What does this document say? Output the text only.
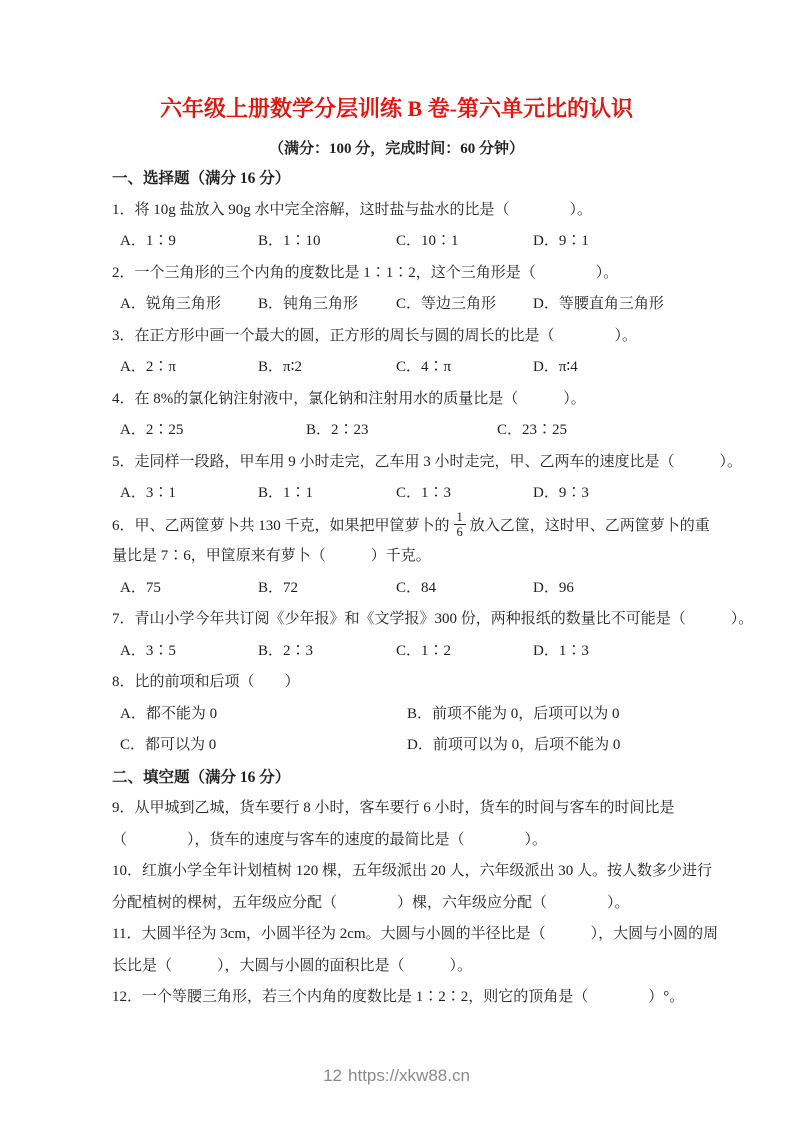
六年级上册数学分层训练 B 卷-第六单元比的认识
（满分：100 分，完成时间：60 分钟）
一、选择题（满分 16 分）
1．将 10g 盐放入 90g 水中完全溶解，这时盐与盐水的比是（　　　　）。
A．1∶9	B．1∶10	C．10∶1	D．9∶1
2．一个三角形的三个内角的度数比是 1∶1∶2，这个三角形是（　　　　）。
A．锐角三角形	B．钝角三角形	C．等边三角形	D．等腰直角三角形
3．在正方形中画一个最大的圆，正方形的周长与圆的周长的比是（　　　　）。
A．2∶π	B．π∶2	C．4∶π	D．π∶4
4．在 8%的氯化钠注射液中，氯化钠和注射用水的质量比是（　　　）。
A．2∶25	B．2∶23	C．23∶25
5．走同样一段路，甲车用 9 小时走完，乙车用 3 小时走完，甲、乙两车的速度比是（　　　）。
A．3∶1	B．1∶1	C．1∶3	D．9∶3
6．甲、乙两筐萝卜共 130 千克，如果把甲筐萝卜的 $\frac{1}{6}$ 放入乙筐，这时甲、乙两筐萝卜的重
量比是 7∶6，甲筐原来有萝卜（　　　）千克。
A．75	B．72	C．84	D．96
7．青山小学今年共订阅《少年报》和《文学报》300 份，两种报纸的数量比不可能是（　　　）。
A．3∶5	B．2∶3	C．1∶2	D．1∶3
8．比的前项和后项（　　）
A．都不能为 0	B．前项不能为 0，后项可以为 0
C．都可以为 0	D．前项可以为 0，后项不能为 0
二、填空题（满分 16 分）
9．从甲城到乙城，货车要行 8 小时，客车要行 6 小时，货车的时间与客车的时间比是
（　　　　），货车的速度与客车的速度的最简比是（　　　　）。
10．红旗小学全年计划植树 120 棵，五年级派出 20 人，六年级派出 30 人。按人数多少进行
分配植树的棵树，五年级应分配（　　　　）棵，六年级应分配（　　　　）。
11．大圆半径为 3cm，小圆半径为 2cm。大圆与小圆的半径比是（　　　），大圆与小圆的周
长比是（　　　），大圆与小圆的面积比是（　　　）。
12．一个等腰三角形，若三个内角的度数比是 1∶2∶2，则它的顶角是（　　　　）°。
12 https://xkw88.cn
